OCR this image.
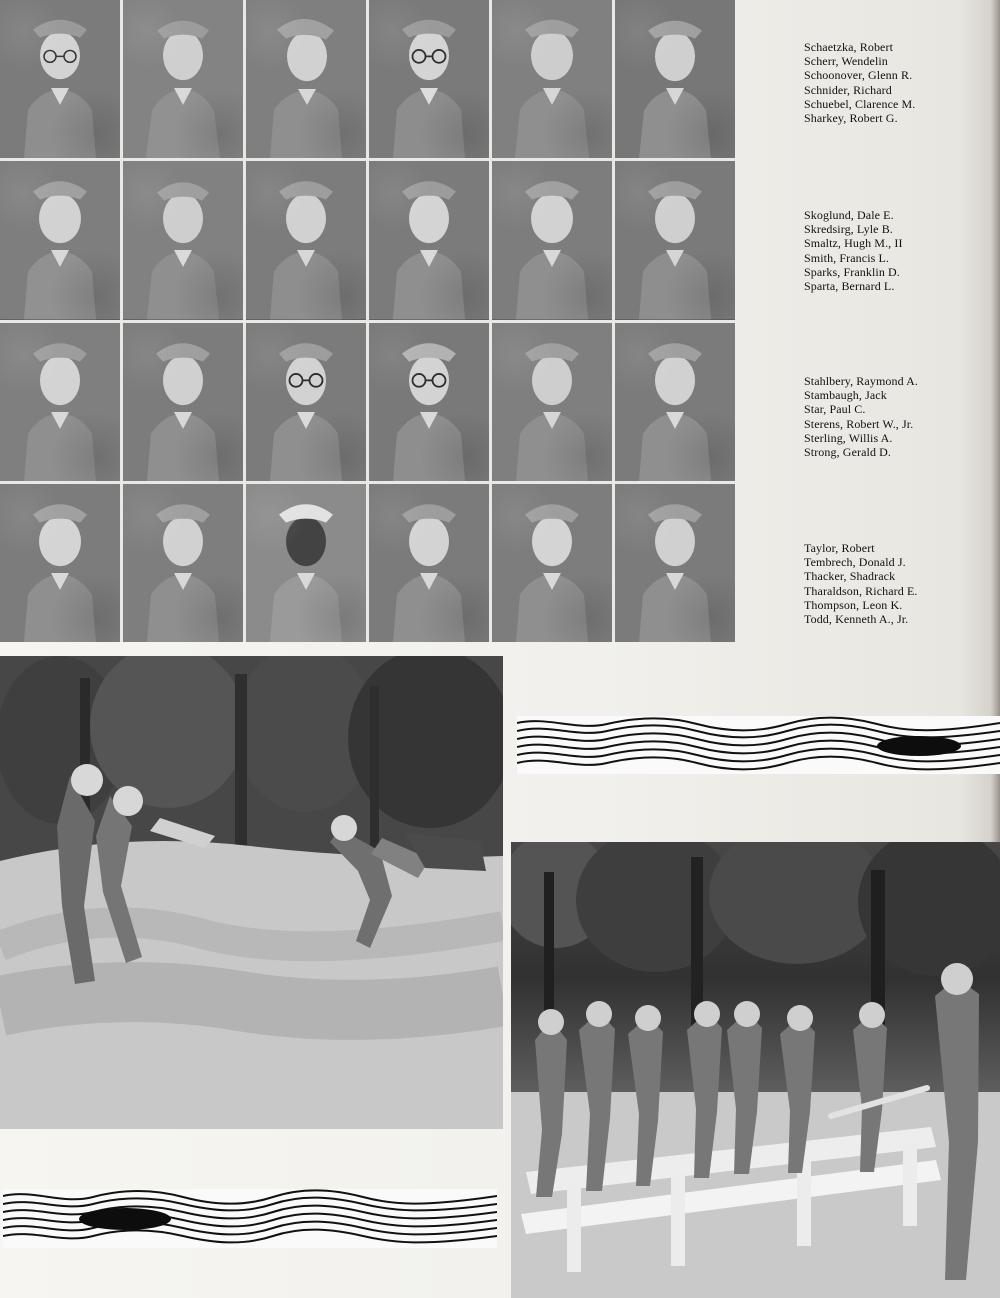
Schaetzka, Robert
Scherr, Wendelin
Schoonover, Glenn R.
Schnider, Richard
Schuebel, Clarence M.
Sharkey, Robert G.
Skoglund, Dale E.
Skredsirg, Lyle B.
Smaltz, Hugh M., II
Smith, Francis L.
Sparks, Franklin D.
Sparta, Bernard L.
Stahlbery, Raymond A.
Stambaugh, Jack
Star, Paul C.
Sterens, Robert W., Jr.
Sterling, Willis A.
Strong, Gerald D.
Taylor, Robert
Tembrech, Donald J.
Thacker, Shadrack
Tharaldson, Richard E.
Thompson, Leon K.
Todd, Kenneth A., Jr.
